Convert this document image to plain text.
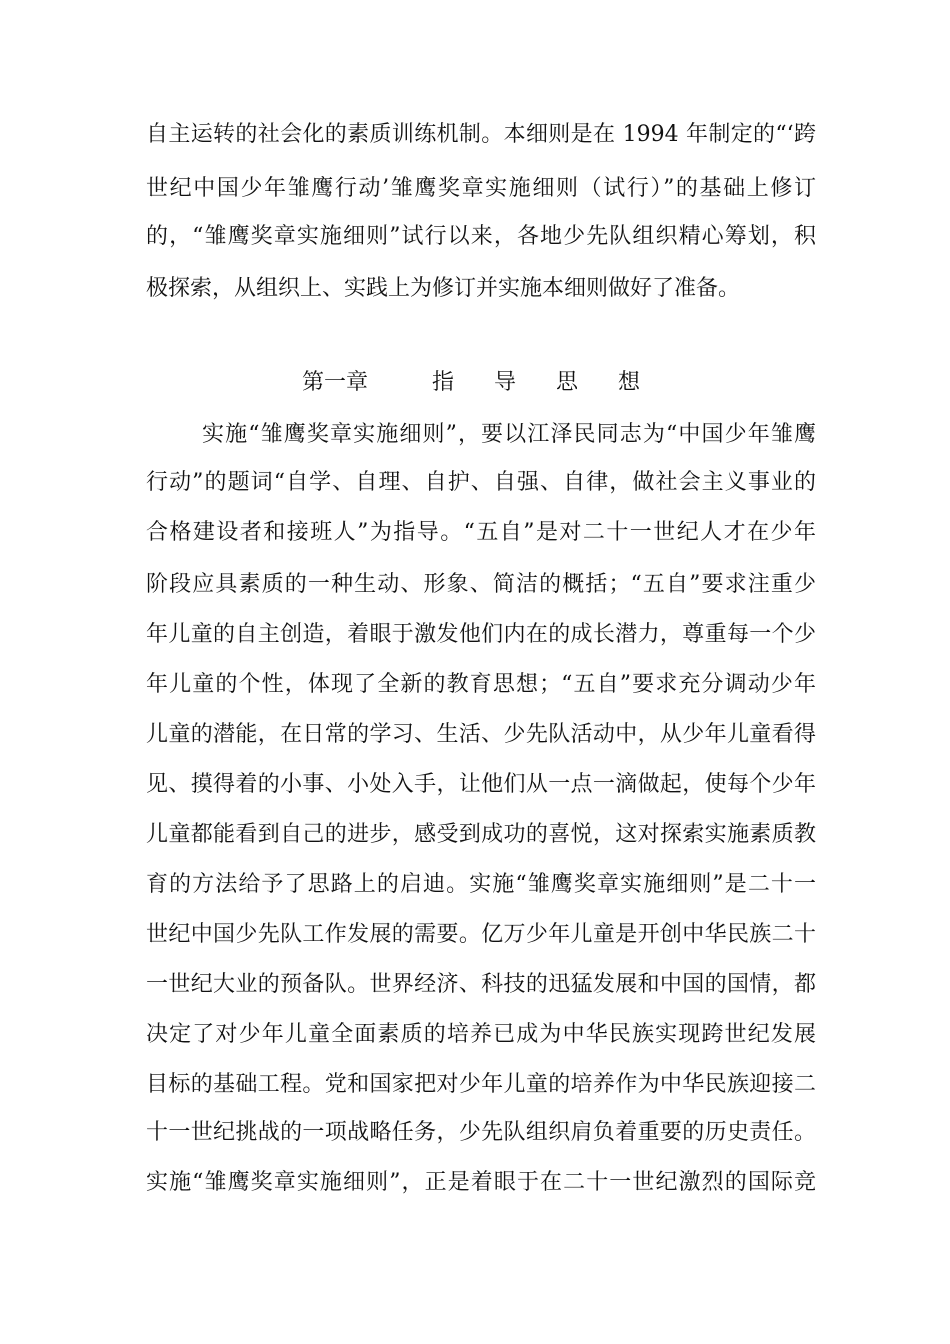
自主运转的社会化的素质训练机制。本细则是在 1994 年制定的“‘跨
世纪中国少年雏鹰行动’雏鹰奖章实施细则（试行）”的基础上修订
的，“雏鹰奖章实施细则”试行以来，各地少先队组织精心筹划，积
极探索，从组织上、实践上为修订并实施本细则做好了准备。
第一章	指 导 思 想
实施“雏鹰奖章实施细则”，要以江泽民同志为“中国少年雏鹰
行动”的题词“自学、自理、自护、自强、自律，做社会主义事业的
合格建设者和接班人”为指导。“五自”是对二十一世纪人才在少年
阶段应具素质的一种生动、形象、简洁的概括；“五自”要求注重少
年儿童的自主创造，着眼于激发他们内在的成长潜力，尊重每一个少
年儿童的个性，体现了全新的教育思想；“五自”要求充分调动少年
儿童的潜能，在日常的学习、生活、少先队活动中，从少年儿童看得
见、摸得着的小事、小处入手，让他们从一点一滴做起，使每个少年
儿童都能看到自己的进步，感受到成功的喜悦，这对探索实施素质教
育的方法给予了思路上的启迪。实施“雏鹰奖章实施细则”是二十一
世纪中国少先队工作发展的需要。亿万少年儿童是开创中华民族二十
一世纪大业的预备队。世界经济、科技的迅猛发展和中国的国情，都
决定了对少年儿童全面素质的培养已成为中华民族实现跨世纪发展
目标的基础工程。党和国家把对少年儿童的培养作为中华民族迎接二
十一世纪挑战的一项战略任务，少先队组织肩负着重要的历史责任。
实施“雏鹰奖章实施细则”，正是着眼于在二十一世纪激烈的国际竞
